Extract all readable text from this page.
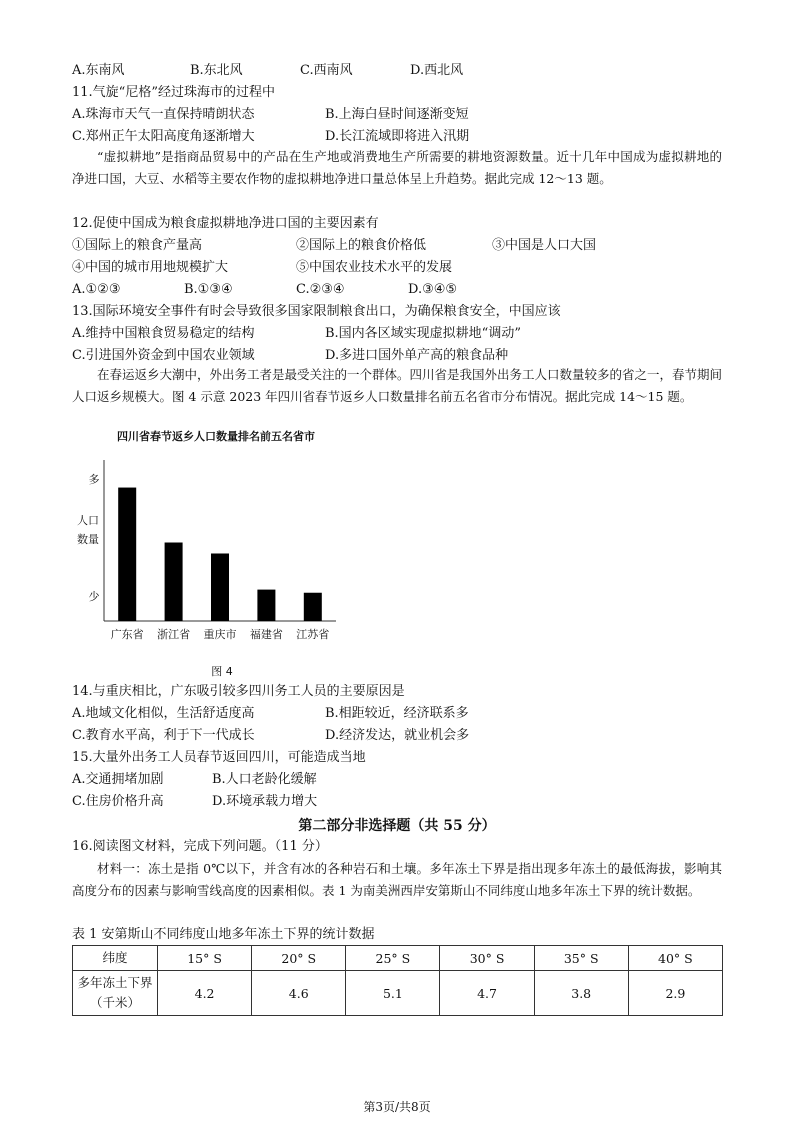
A.东南风	B.东北风	C.西南风	D.西北风
11.气旋“尼格”经过珠海市的过程中
A.珠海市天气一直保持晴朗状态	B.上海白昼时间逐渐变短
C.郑州正午太阳高度角逐渐增大	D.长江流域即将进入汛期
“虚拟耕地”是指商品贸易中的产品在生产地或消费地生产所需要的耕地资源数量。近十几年中国成为虚拟耕地的净进口国，大豆、水稻等主要农作物的虚拟耕地净进口量总体呈上升趋势。据此完成 12～13 题。
12.促使中国成为粮食虚拟耕地净进口国的主要因素有
①国际上的粮食产量高	②国际上的粮食价格低	③中国是人口大国
④中国的城市用地规模扩大	⑤中国农业技术水平的发展
A.①②③	B.①③④	C.②③④	D.③④⑤
13.国际环境安全事件有时会导致很多国家限制粮食出口，为确保粮食安全，中国应该
A.维持中国粮食贸易稳定的结构	B.国内各区域实现虚拟耕地“调动”
C.引进国外资金到中国农业领域	D.多进口国外单产高的粮食品种
在春运返乡大潮中，外出务工者是最受关注的一个群体。四川省是我国外出务工人口数量较多的省之一，春节期间人口返乡规模大。图 4 示意 2023 年四川省春节返乡人口数量排名前五名省市分布情况。据此完成 14～15 题。
四川省春节返乡人口数量排名前五名省市
多
少
人口数量
广东省 浙江省 重庆市 福建省 江苏省
图 4
14.与重庆相比，广东吸引较多四川务工人员的主要原因是
A.地域文化相似，生活舒适度高	B.相距较近，经济联系多
C.教育水平高，利于下一代成长	D.经济发达，就业机会多
15.大量外出务工人员春节返回四川，可能造成当地
A.交通拥堵加剧	B.人口老龄化缓解
C.住房价格升高	D.环境承载力增大
第二部分非选择题（共 55 分）
16.阅读图文材料，完成下列问题。（11 分）
材料一：冻土是指 0℃以下，并含有冰的各种岩石和土壤。多年冻土下界是指出现多年冻土的最低海拔，影响其高度分布的因素与影响雪线高度的因素相似。表 1 为南美洲西岸安第斯山不同纬度山地多年冻土下界的统计数据。
表 1 安第斯山不同纬度山地多年冻土下界的统计数据
纬度	15° S	20° S	25° S	30° S	35° S	40° S

多年冻土下界
（千米）	4.2	4.6	5.1	4.7	3.8	2.9
第3页/共8页
